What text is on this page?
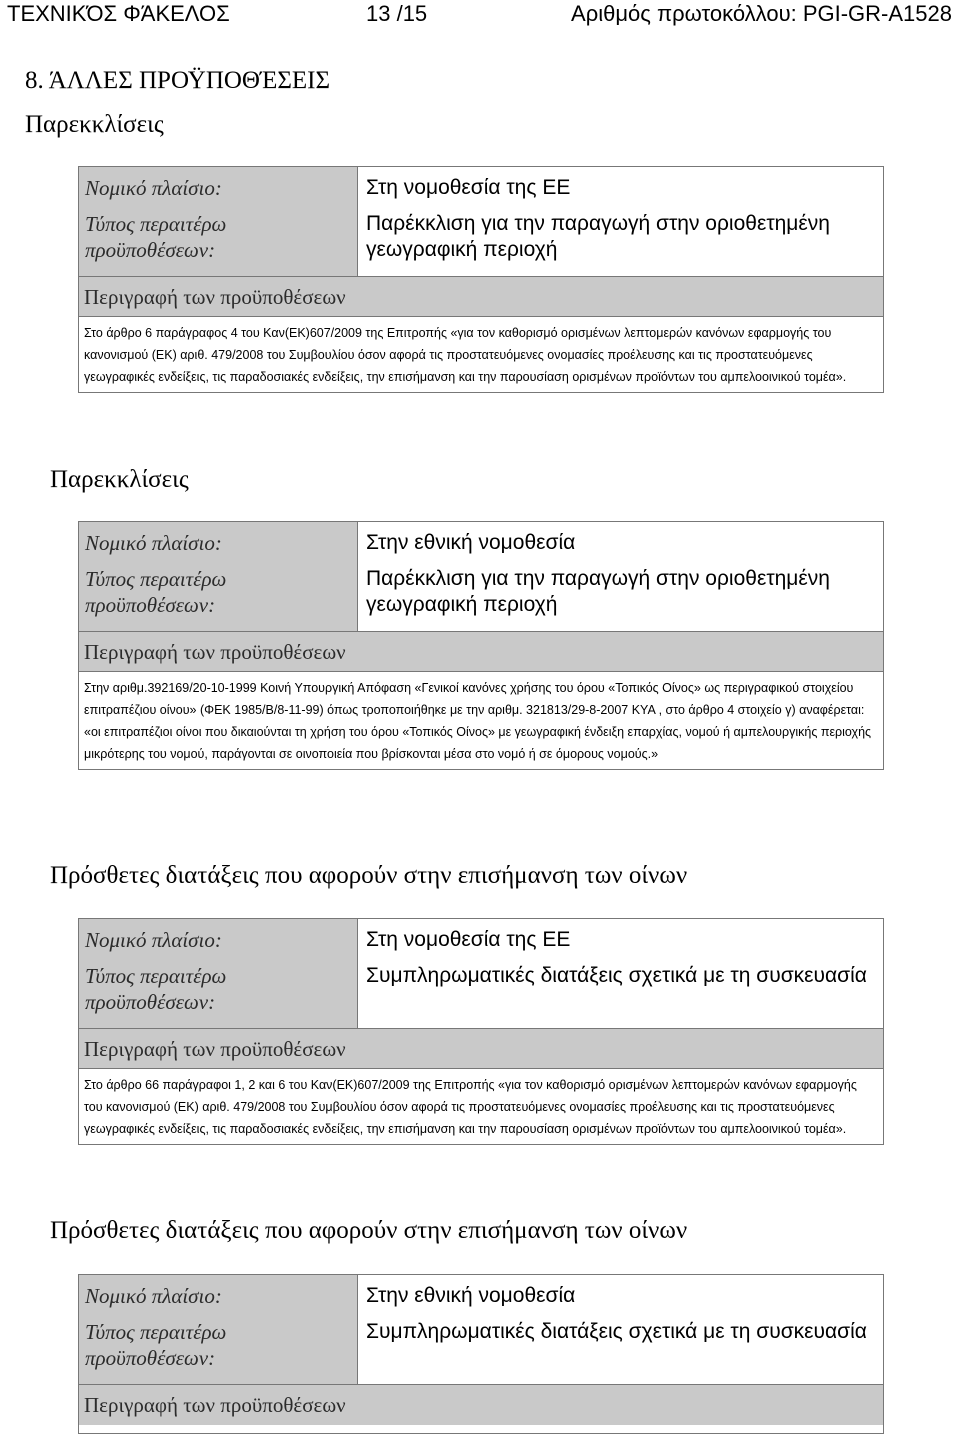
ΤΕΧΝΙΚΌΣ ΦΆΚΕΛΟΣ	13 /15	Αριθμός πρωτοκόλλου: PGI-GR-A1528
8. ΆΛΛΕΣ ΠΡΟΫΠΟΘΈΣΕΙΣ
Παρεκκλίσεις
Νομικό πλαίσιο:	Στη νομοθεσία της ΕΕ
Τύπος περαιτέρω προϋποθέσεων:
Παρέκκλιση για την παραγωγή στην οριοθετημένη γεωγραφική περιοχή
Περιγραφή των προϋποθέσεων
Στο άρθρο 6 παράγραφος 4 του Καν(ΕΚ)607/2009 της Επιτροπής «για τον καθορισμό ορισμένων λεπτομερών κανόνων εφαρμογής του κανονισμού (ΕΚ) αριθ. 479/2008 του Συμβουλίου όσον αφορά τις προστατευόμενες ονομασίες προέλευσης και τις προστατευόμενες γεωγραφικές ενδείξεις, τις παραδοσιακές ενδείξεις, την επισήμανση και την παρουσίαση ορισμένων προϊόντων του αμπελοοινικού τομέα».
Παρεκκλίσεις
Νομικό πλαίσιο:	Στην εθνική νομοθεσία
Τύπος περαιτέρω προϋποθέσεων:
Παρέκκλιση για την παραγωγή στην οριοθετημένη γεωγραφική περιοχή
Περιγραφή των προϋποθέσεων
Στην αριθμ.392169/20-10-1999 Κοινή Υπουργική Απόφαση «Γενικοί κανόνες χρήσης του όρου «Τοπικός Οίνος» ως περιγραφικού στοιχείου επιτραπέζιου οίνου» (ΦΕΚ 1985/Β/8-11-99) όπως τροποποιήθηκε με την αριθμ. 321813/29-8-2007 ΚΥΑ , στο άρθρο 4 στοιχείο γ) αναφέρεται: «οι επιτραπέζιοι οίνοι που δικαιούνται τη χρήση του όρου «Τοπικός Οίνος» με γεωγραφική ένδειξη επαρχίας, νομού ή αμπελουργικής περιοχής μικρότερης του νομού, παράγονται σε οινοποιεία που βρίσκονται μέσα στο νομό ή σε όμορους νομούς.»
Πρόσθετες διατάξεις που αφορούν στην επισήμανση των οίνων
Νομικό πλαίσιο:	Στη νομοθεσία της ΕΕ
Τύπος περαιτέρω προϋποθέσεων:
Συμπληρωματικές διατάξεις σχετικά με τη συσκευασία
Περιγραφή των προϋποθέσεων
Στο άρθρο 66 παράγραφοι 1, 2 και 6 του Καν(ΕΚ)607/2009 της Επιτροπής «για τον καθορισμό ορισμένων λεπτομερών κανόνων εφαρμογής του κανονισμού (ΕΚ) αριθ. 479/2008 του Συμβουλίου όσον αφορά τις προστατευόμενες ονομασίες προέλευσης και τις προστατευόμενες γεωγραφικές ενδείξεις, τις παραδοσιακές ενδείξεις, την επισήμανση και την παρουσίαση ορισμένων προϊόντων του αμπελοοινικού τομέα».
Πρόσθετες διατάξεις που αφορούν στην επισήμανση των οίνων
Νομικό πλαίσιο:	Στην εθνική νομοθεσία
Τύπος περαιτέρω προϋποθέσεων:
Συμπληρωματικές διατάξεις σχετικά με τη συσκευασία
Περιγραφή των προϋποθέσεων
